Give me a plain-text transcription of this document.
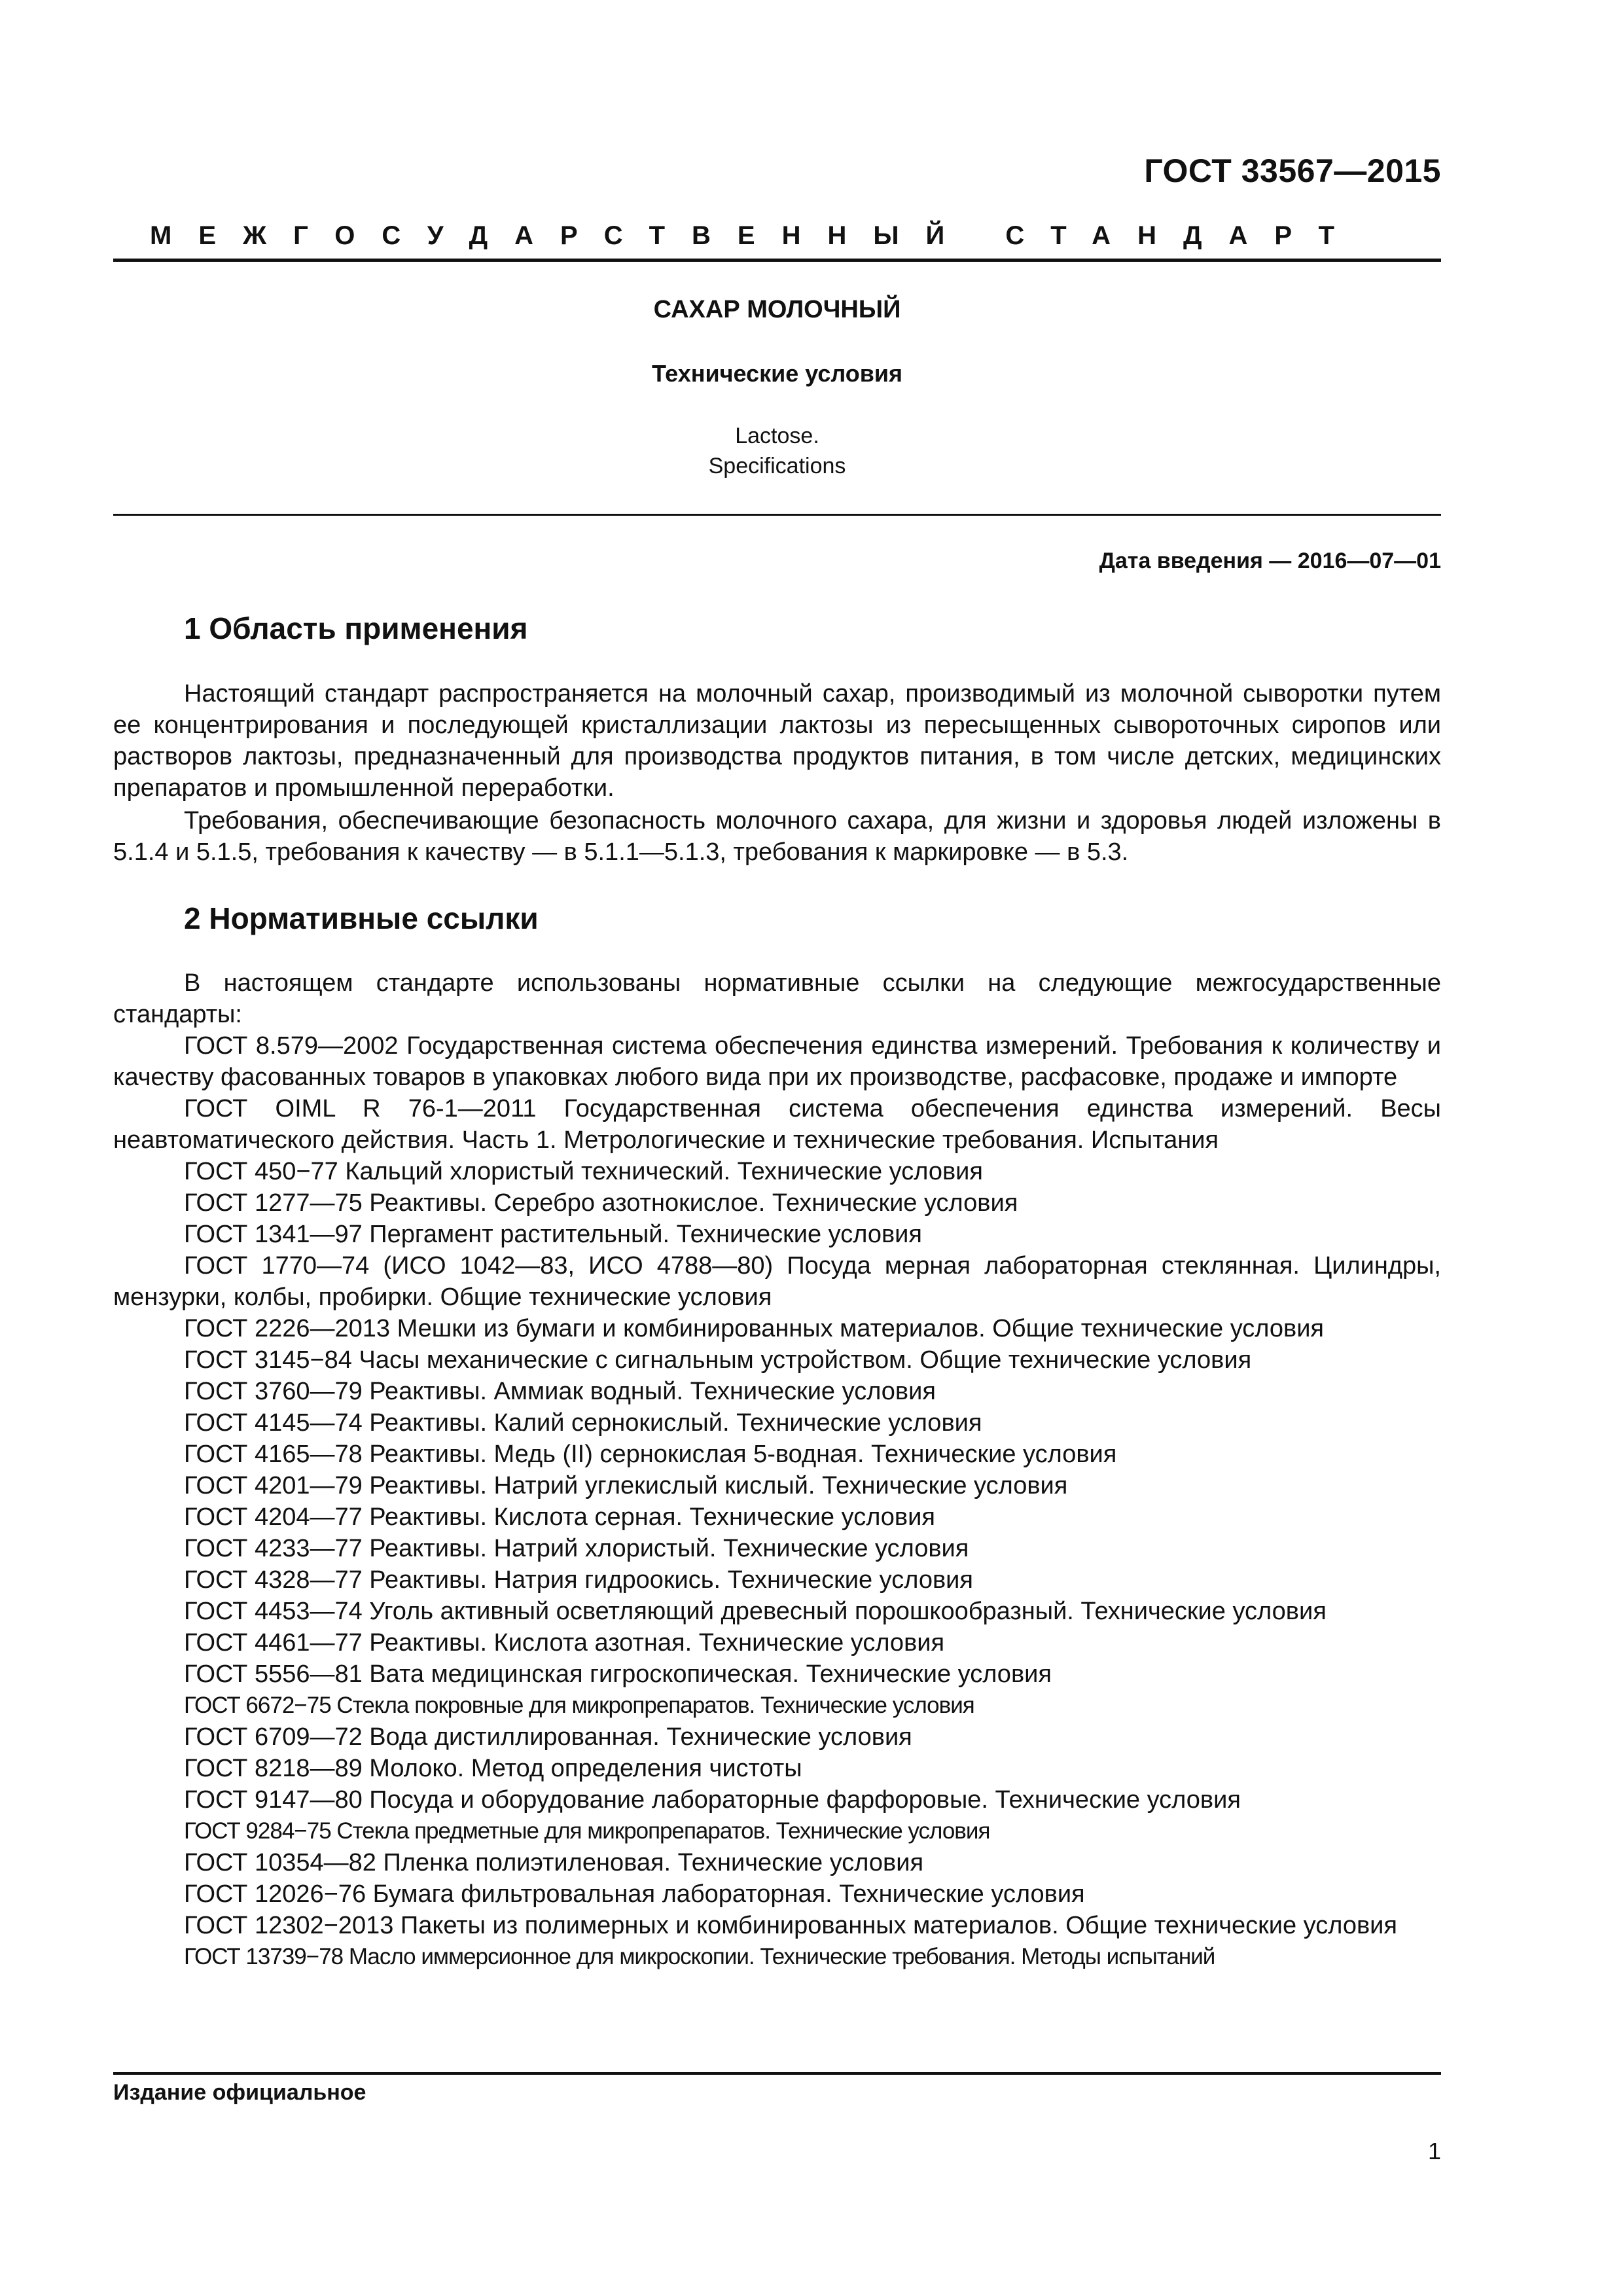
ГОСТ 33567—2015
МЕЖГОСУДАРСТВЕННЫЙ СТАНДАРТ
САХАР МОЛОЧНЫЙ
Технические условия
Lactose.
Specifications
Дата введения — 2016—07—01
1 Область применения

Настоящий стандарт распространяется на молочный сахар, производимый из молочной сыворотки путем ее концентрирования и последующей кристаллизации лактозы из пересыщенных сывороточных сиропов или растворов лактозы, предназначенный для производства продуктов питания, в том числе детских, медицинских препаратов и промышленной переработки.

Требования, обеспечивающие безопасность молочного сахара, для жизни и здоровья людей изложены в 5.1.4 и 5.1.5, требования к качеству — в 5.1.1—5.1.3, требования к маркировке — в 5.3.

2 Нормативные ссылки

В настоящем стандарте использованы нормативные ссылки на следующие межгосударственные стандарты:

ГОСТ 8.579—2002 Государственная система обеспечения единства измерений. Требования к количеству и качеству фасованных товаров в упаковках любого вида при их производстве, расфасовке, продаже и импорте
ГОСТ OIML R 76-1—2011 Государственная система обеспечения единства измерений. Весы неавтоматического действия. Часть 1. Метрологические и технические требования. Испытания
ГОСТ 450−77 Кальций хлористый технический. Технические условия
ГОСТ 1277—75 Реактивы. Серебро азотнокислое. Технические условия
ГОСТ 1341—97 Пергамент растительный. Технические условия
ГОСТ 1770—74 (ИСО 1042—83, ИСО 4788—80) Посуда мерная лабораторная стеклянная. Цилиндры, мензурки, колбы, пробирки. Общие технические условия
ГОСТ 2226—2013 Мешки из бумаги и комбинированных материалов. Общие технические условия
ГОСТ 3145−84 Часы механические с сигнальным устройством. Общие технические условия
ГОСТ 3760—79 Реактивы. Аммиак водный. Технические условия
ГОСТ 4145—74 Реактивы. Калий сернокислый. Технические условия
ГОСТ 4165—78 Реактивы. Медь (II) сернокислая 5-водная. Технические условия
ГОСТ 4201—79 Реактивы. Натрий углекислый кислый. Технические условия
ГОСТ 4204—77 Реактивы. Кислота серная. Технические условия
ГОСТ 4233—77 Реактивы. Натрий хлористый. Технические условия
ГОСТ 4328—77 Реактивы. Натрия гидроокись. Технические условия
ГОСТ 4453—74 Уголь активный осветляющий древесный порошкообразный. Технические условия
ГОСТ 4461—77 Реактивы. Кислота азотная. Технические условия
ГОСТ 5556—81 Вата медицинская гигроскопическая. Технические условия
ГОСТ 6672−75 Стекла покровные для микропрепаратов. Технические условия
ГОСТ 6709—72 Вода дистиллированная. Технические условия
ГОСТ 8218—89 Молоко. Метод определения чистоты
ГОСТ 9147—80 Посуда и оборудование лабораторные фарфоровые. Технические условия
ГОСТ 9284−75 Стекла предметные для микропрепаратов. Технические условия
ГОСТ 10354—82 Пленка полиэтиленовая. Технические условия
ГОСТ 12026−76 Бумага фильтровальная лабораторная. Технические условия
ГОСТ 12302−2013 Пакеты из полимерных и комбинированных материалов. Общие технические условия
ГОСТ 13739−78 Масло иммерсионное для микроскопии. Технические требования. Методы испытаний
Издание официальное
1
